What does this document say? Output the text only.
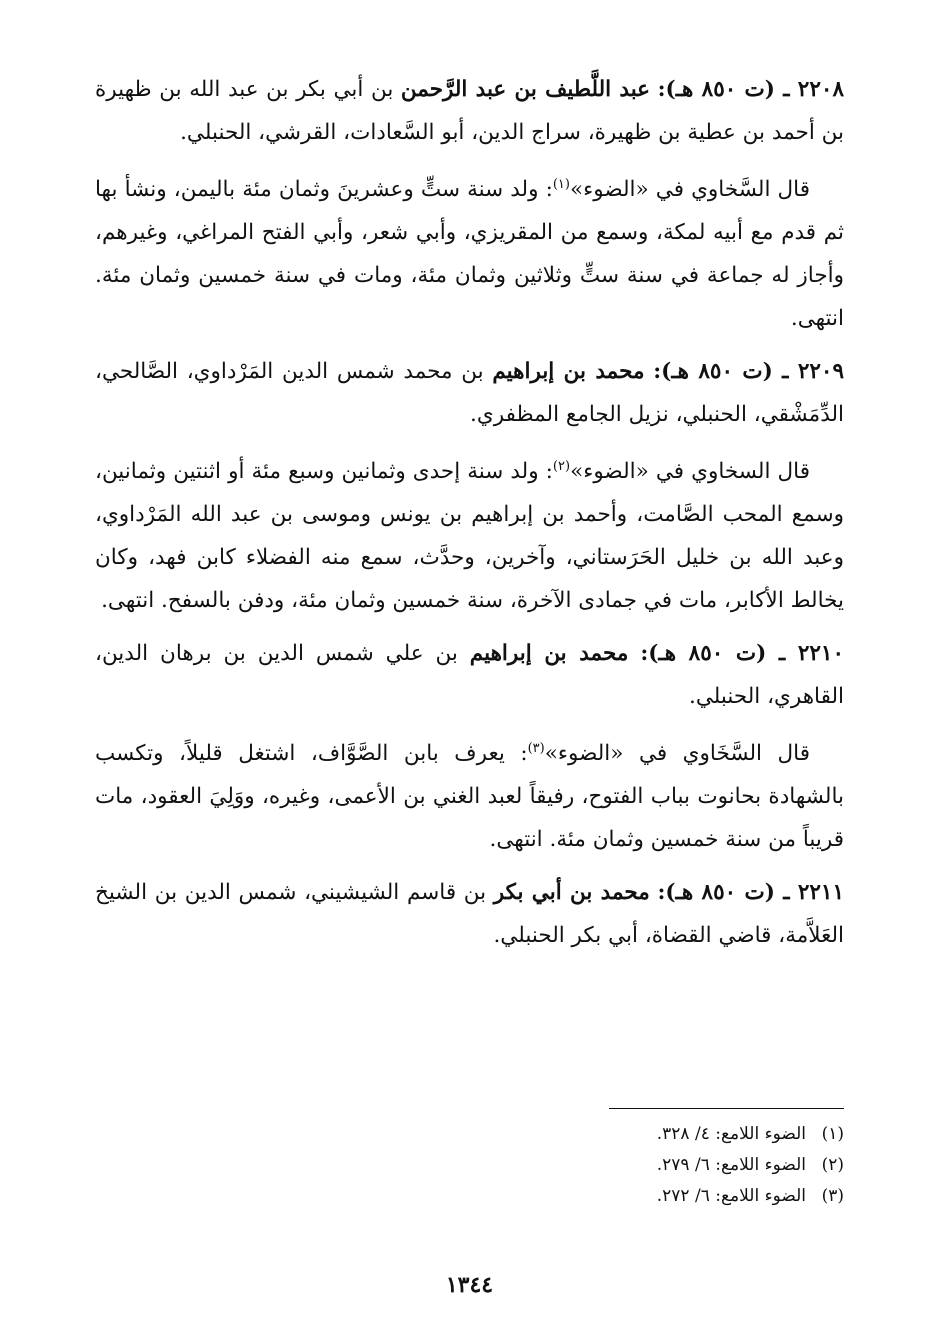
٢٢٠٨ ـ (ت ٨٥٠ هـ): عبد اللَّطيف بن عبد الرَّحمن بن أبي بكر بن عبد الله بن ظهيرة بن أحمد بن عطية بن ظهيرة، سراج الدين، أبو السَّعادات، القرشي، الحنبلي.

قال السَّخاوي في «الضوء»$^{(١)}$: ولد سنة ستٍّ وعشرينَ وثمان مئة باليمن، ونشأ بها ثم قدم مع أبيه لمكة، وسمع من المقريزي، وأبي شعر، وأبي الفتح المراغي، وغيرهم، وأجاز له جماعة في سنة ستٍّ وثلاثين وثمان مئة، ومات في سنة خمسين وثمان مئة. انتهى.

٢٢٠٩ ـ (ت ٨٥٠ هـ): محمد بن إبراهيم بن محمد شمس الدين المَرْداوي، الصَّالحي، الدِّمَشْقي، الحنبلي، نزيل الجامع المظفري.

قال السخاوي في «الضوء»$^{(٢)}$: ولد سنة إحدى وثمانين وسبع مئة أو اثنتين وثمانين، وسمع المحب الصَّامت، وأحمد بن إبراهيم بن يونس وموسى بن عبد الله المَرْداوي، وعبد الله بن خليل الحَرَستاني، وآخرين، وحدَّث، سمع منه الفضلاء كابن فهد، وكان يخالط الأكابر، مات في جمادى الآخرة، سنة خمسين وثمان مئة، ودفن بالسفح. انتهى.

٢٢١٠ ـ (ت ٨٥٠ هـ): محمد بن إبراهيم بن علي شمس الدين بن برهان الدين، القاهري، الحنبلي.

قال السَّخَاوي في «الضوء»$^{(٣)}$: يعرف بابن الصَّوَّاف، اشتغل قليلاً، وتكسب بالشهادة بحانوت بباب الفتوح، رفيقاً لعبد الغني بن الأعمى، وغيره، ووَلِيَ العقود، مات قريباً من سنة خمسين وثمان مئة. انتهى.

٢٢١١ ـ (ت ٨٥٠ هـ): محمد بن أبي بكر بن قاسم الشيشيني، شمس الدين بن الشيخ العَلاَّمة، قاضي القضاة، أبي بكر الحنبلي.

(١)الضوء اللامع: ٤/ ٣٢٨.
(٢)الضوء اللامع: ٦/ ٢٧٩.
(٣)الضوء اللامع: ٦/ ٢٧٢.
١٣٤٤
